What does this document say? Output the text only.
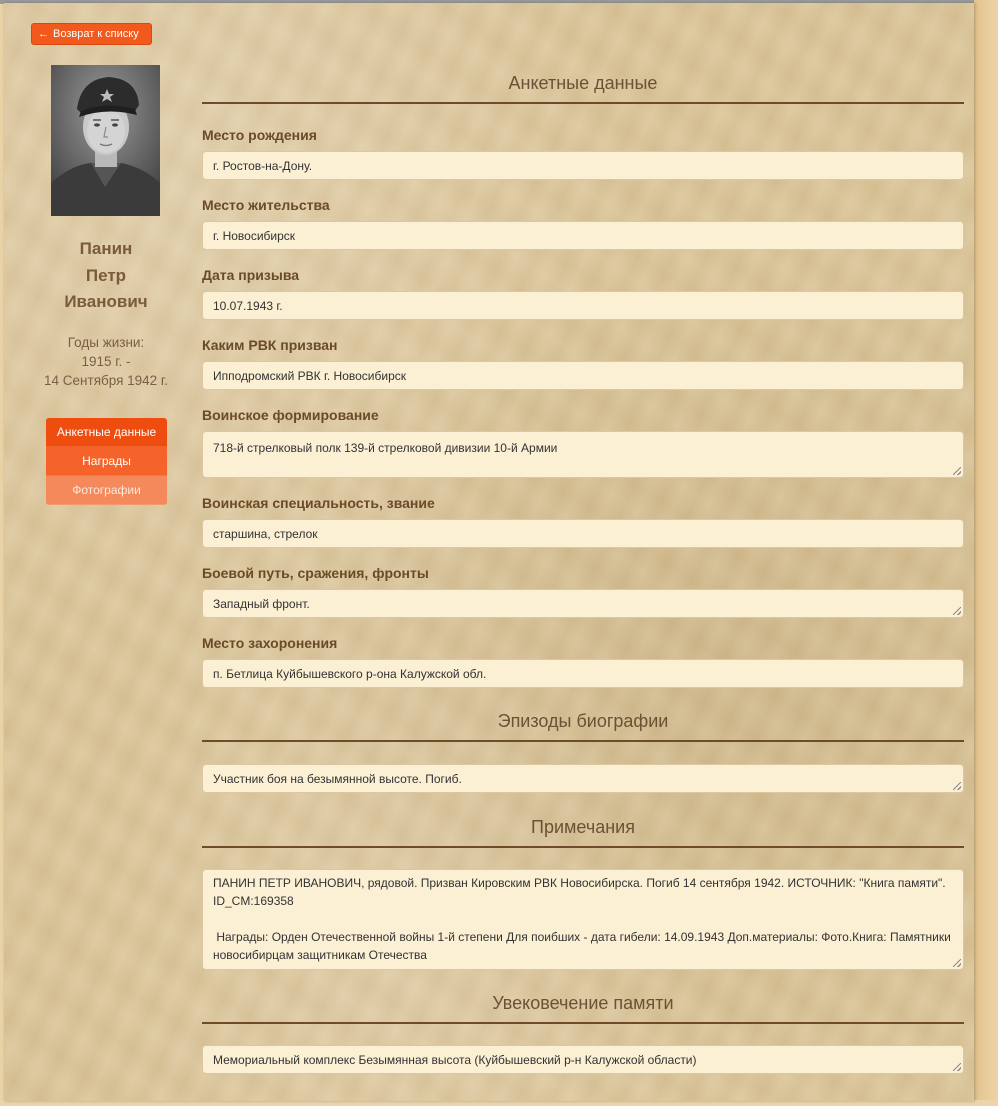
← Возврат к списку
Панин
Петр
Иванович
Годы жизни:
1915 г. -
14 Сентября 1942 г.
Анкетные данные
Награды
Фотографии
Анкетные данные
Место рождения
г. Ростов-на-Дону.
Место жительства
г. Новосибирск
Дата призыва
10.07.1943 г.
Каким РВК призван
Ипподромский РВК г. Новосибирск
Воинское формирование
718-й стрелковый полк 139-й стрелковой дивизии 10-й Армии
Воинская специальность, звание
старшина, стрелок
Боевой путь, сражения, фронты
Западный фронт.
Место захоронения
п. Бетлица Куйбышевского р-она Калужской обл.
Эпизоды биографии
Участник боя на безымянной высоте. Погиб.
Примечания
ПАНИН ПЕТР ИВАНОВИЧ, рядовой. Призван Кировским РВК Новосибирска. Погиб 14 сентября 1942. ИСТОЧНИК: "Книга памяти".
ID_CM:169358
Награды: Орден Отечественной войны 1-й степени Для поибших - дата гибели: 14.09.1943 Доп.материалы: Фото.Книга: Памятники
новосибирцам защитникам Отечества
Увековечение памяти
Мемориальный комплекс Безымянная высота (Куйбышевский р-н Калужской области)
